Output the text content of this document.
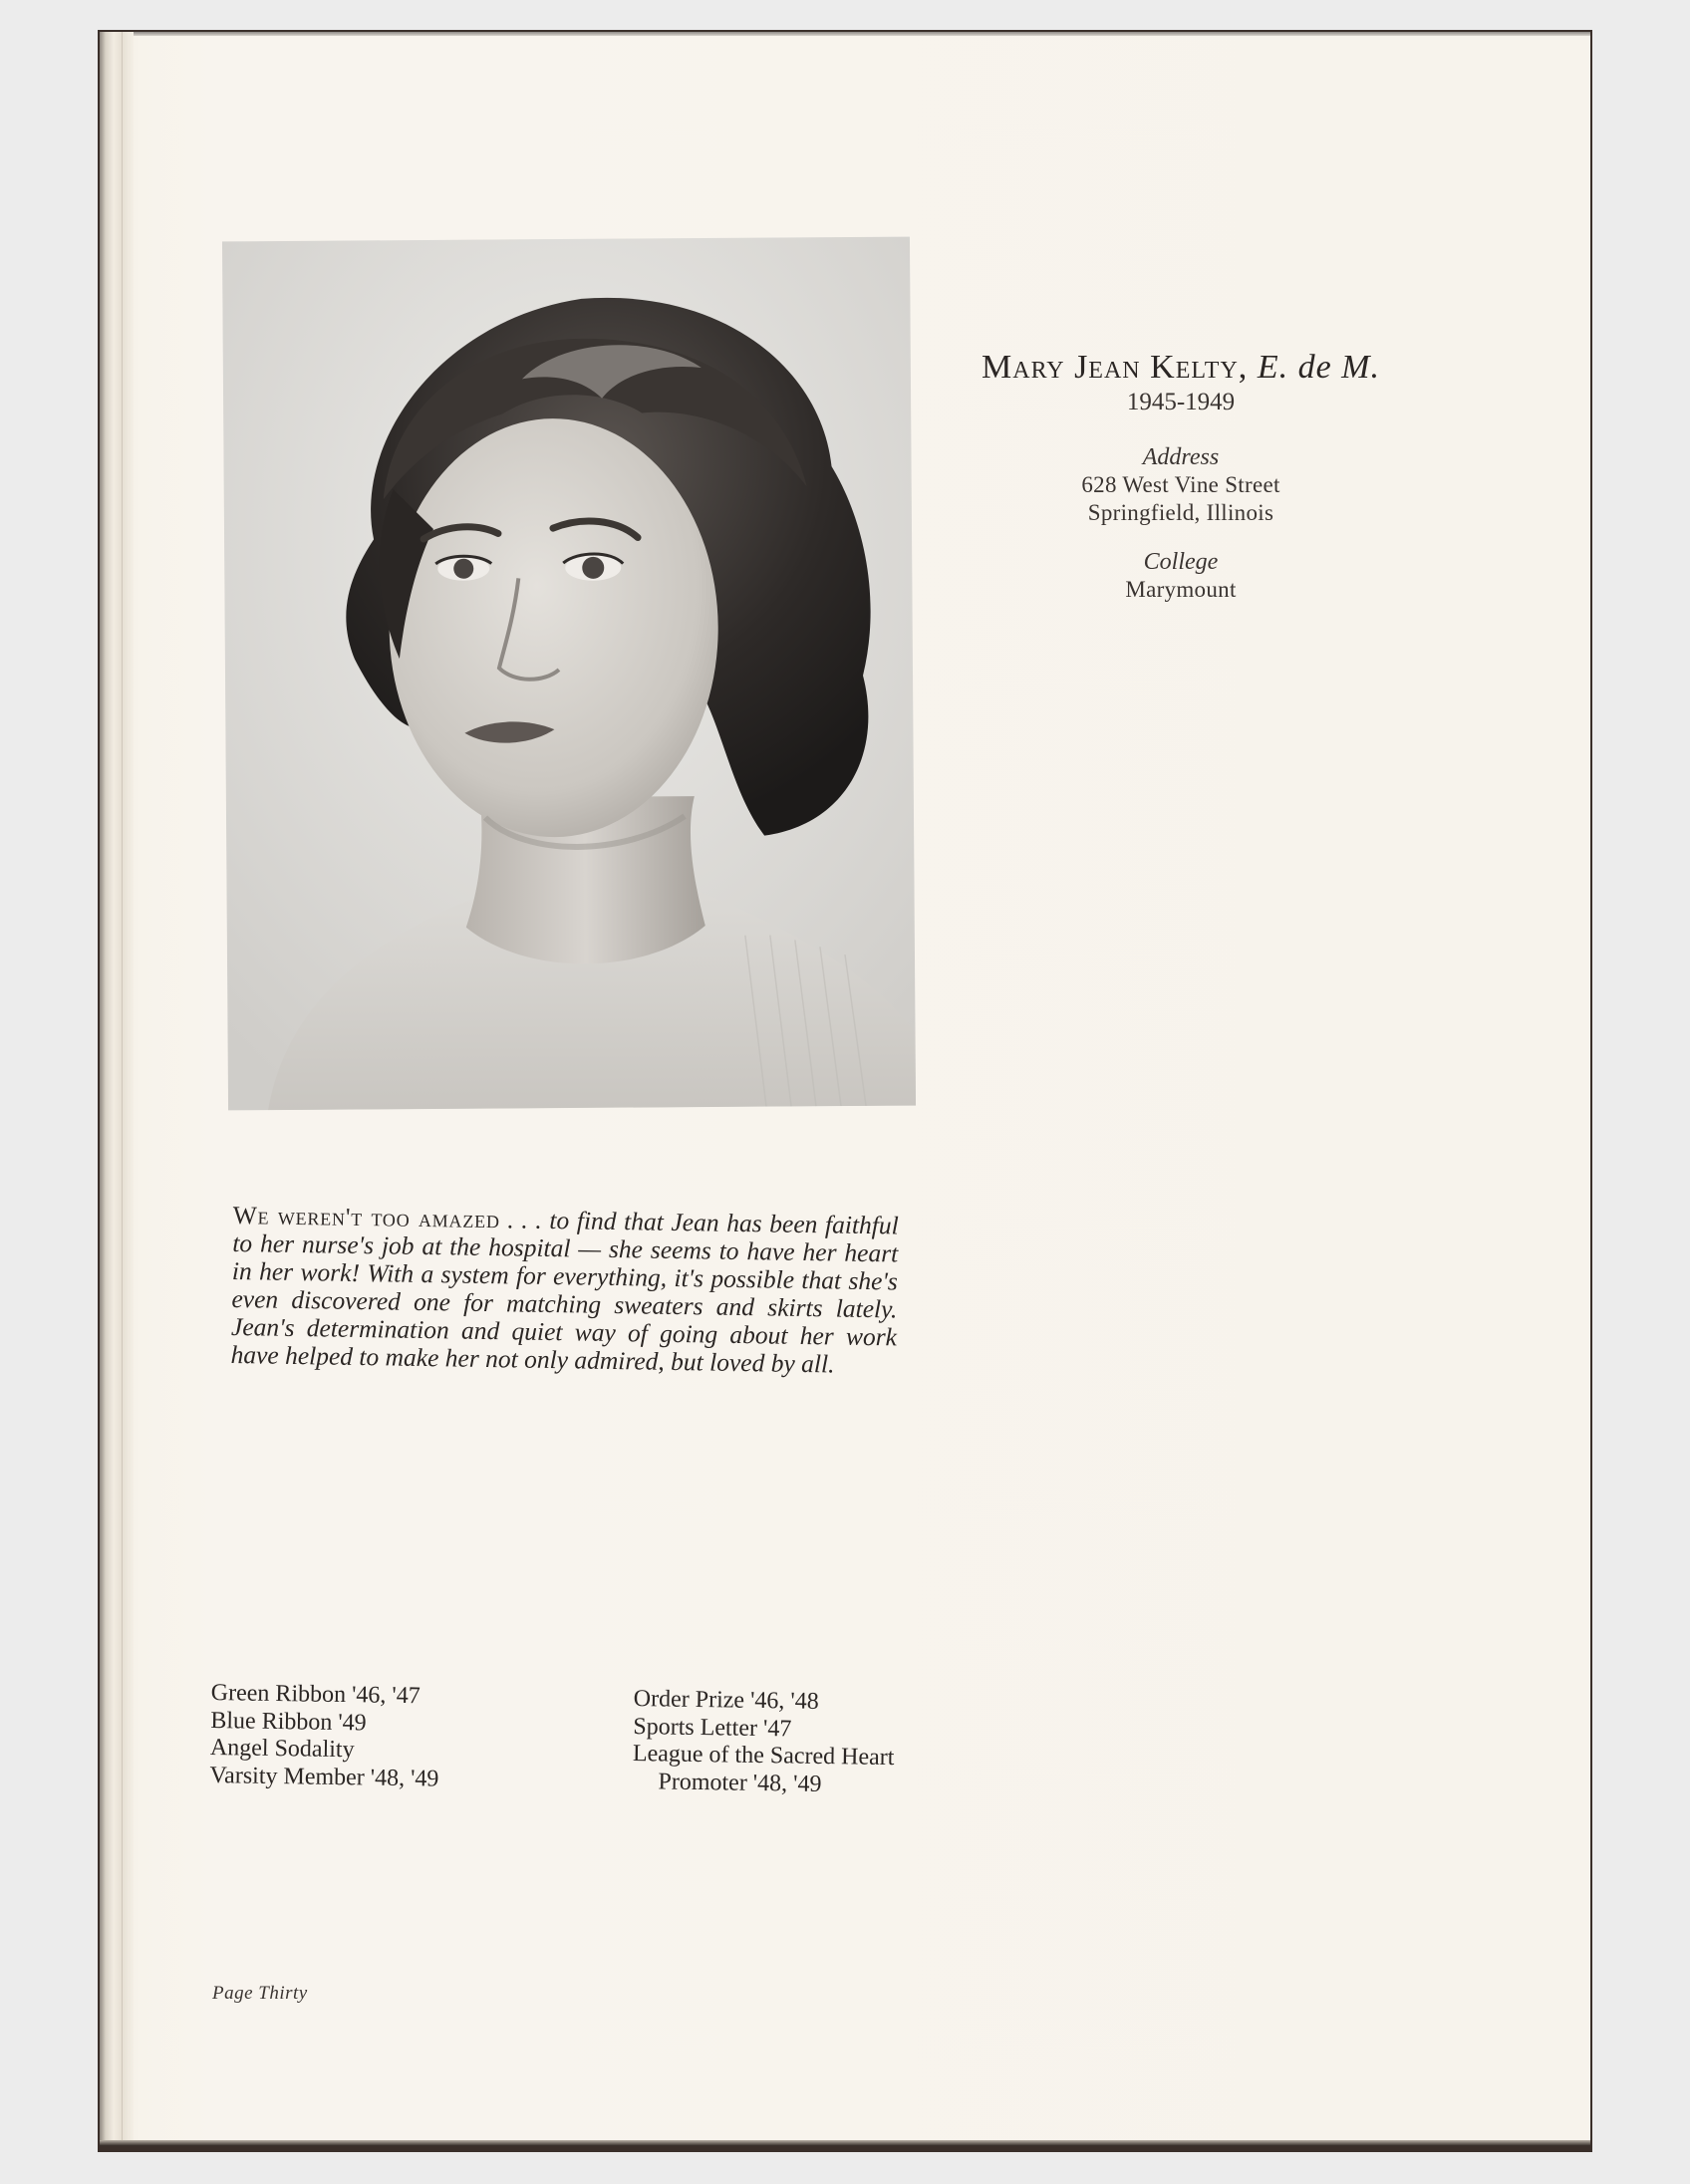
Mary Jean Kelty, E. de M.
1945-1949
Address
628 West Vine Street
Springfield, Illinois
College
Marymount
We weren't too amazed . . . to find that Jean has been faithful to her nurse's job at the hospital — she seems to have her heart in her work! With a system for everything, it's possible that she's even discovered one for matching sweaters and skirts lately. Jean's determination and quiet way of going about her work have helped to make her not only admired, but loved by all.
Green Ribbon '46, '47
Blue Ribbon '49
Angel Sodality
Varsity Member '48, '49
Order Prize '46, '48
Sports Letter '47
League of the Sacred Heart
Promoter '48, '49
Page Thirty
